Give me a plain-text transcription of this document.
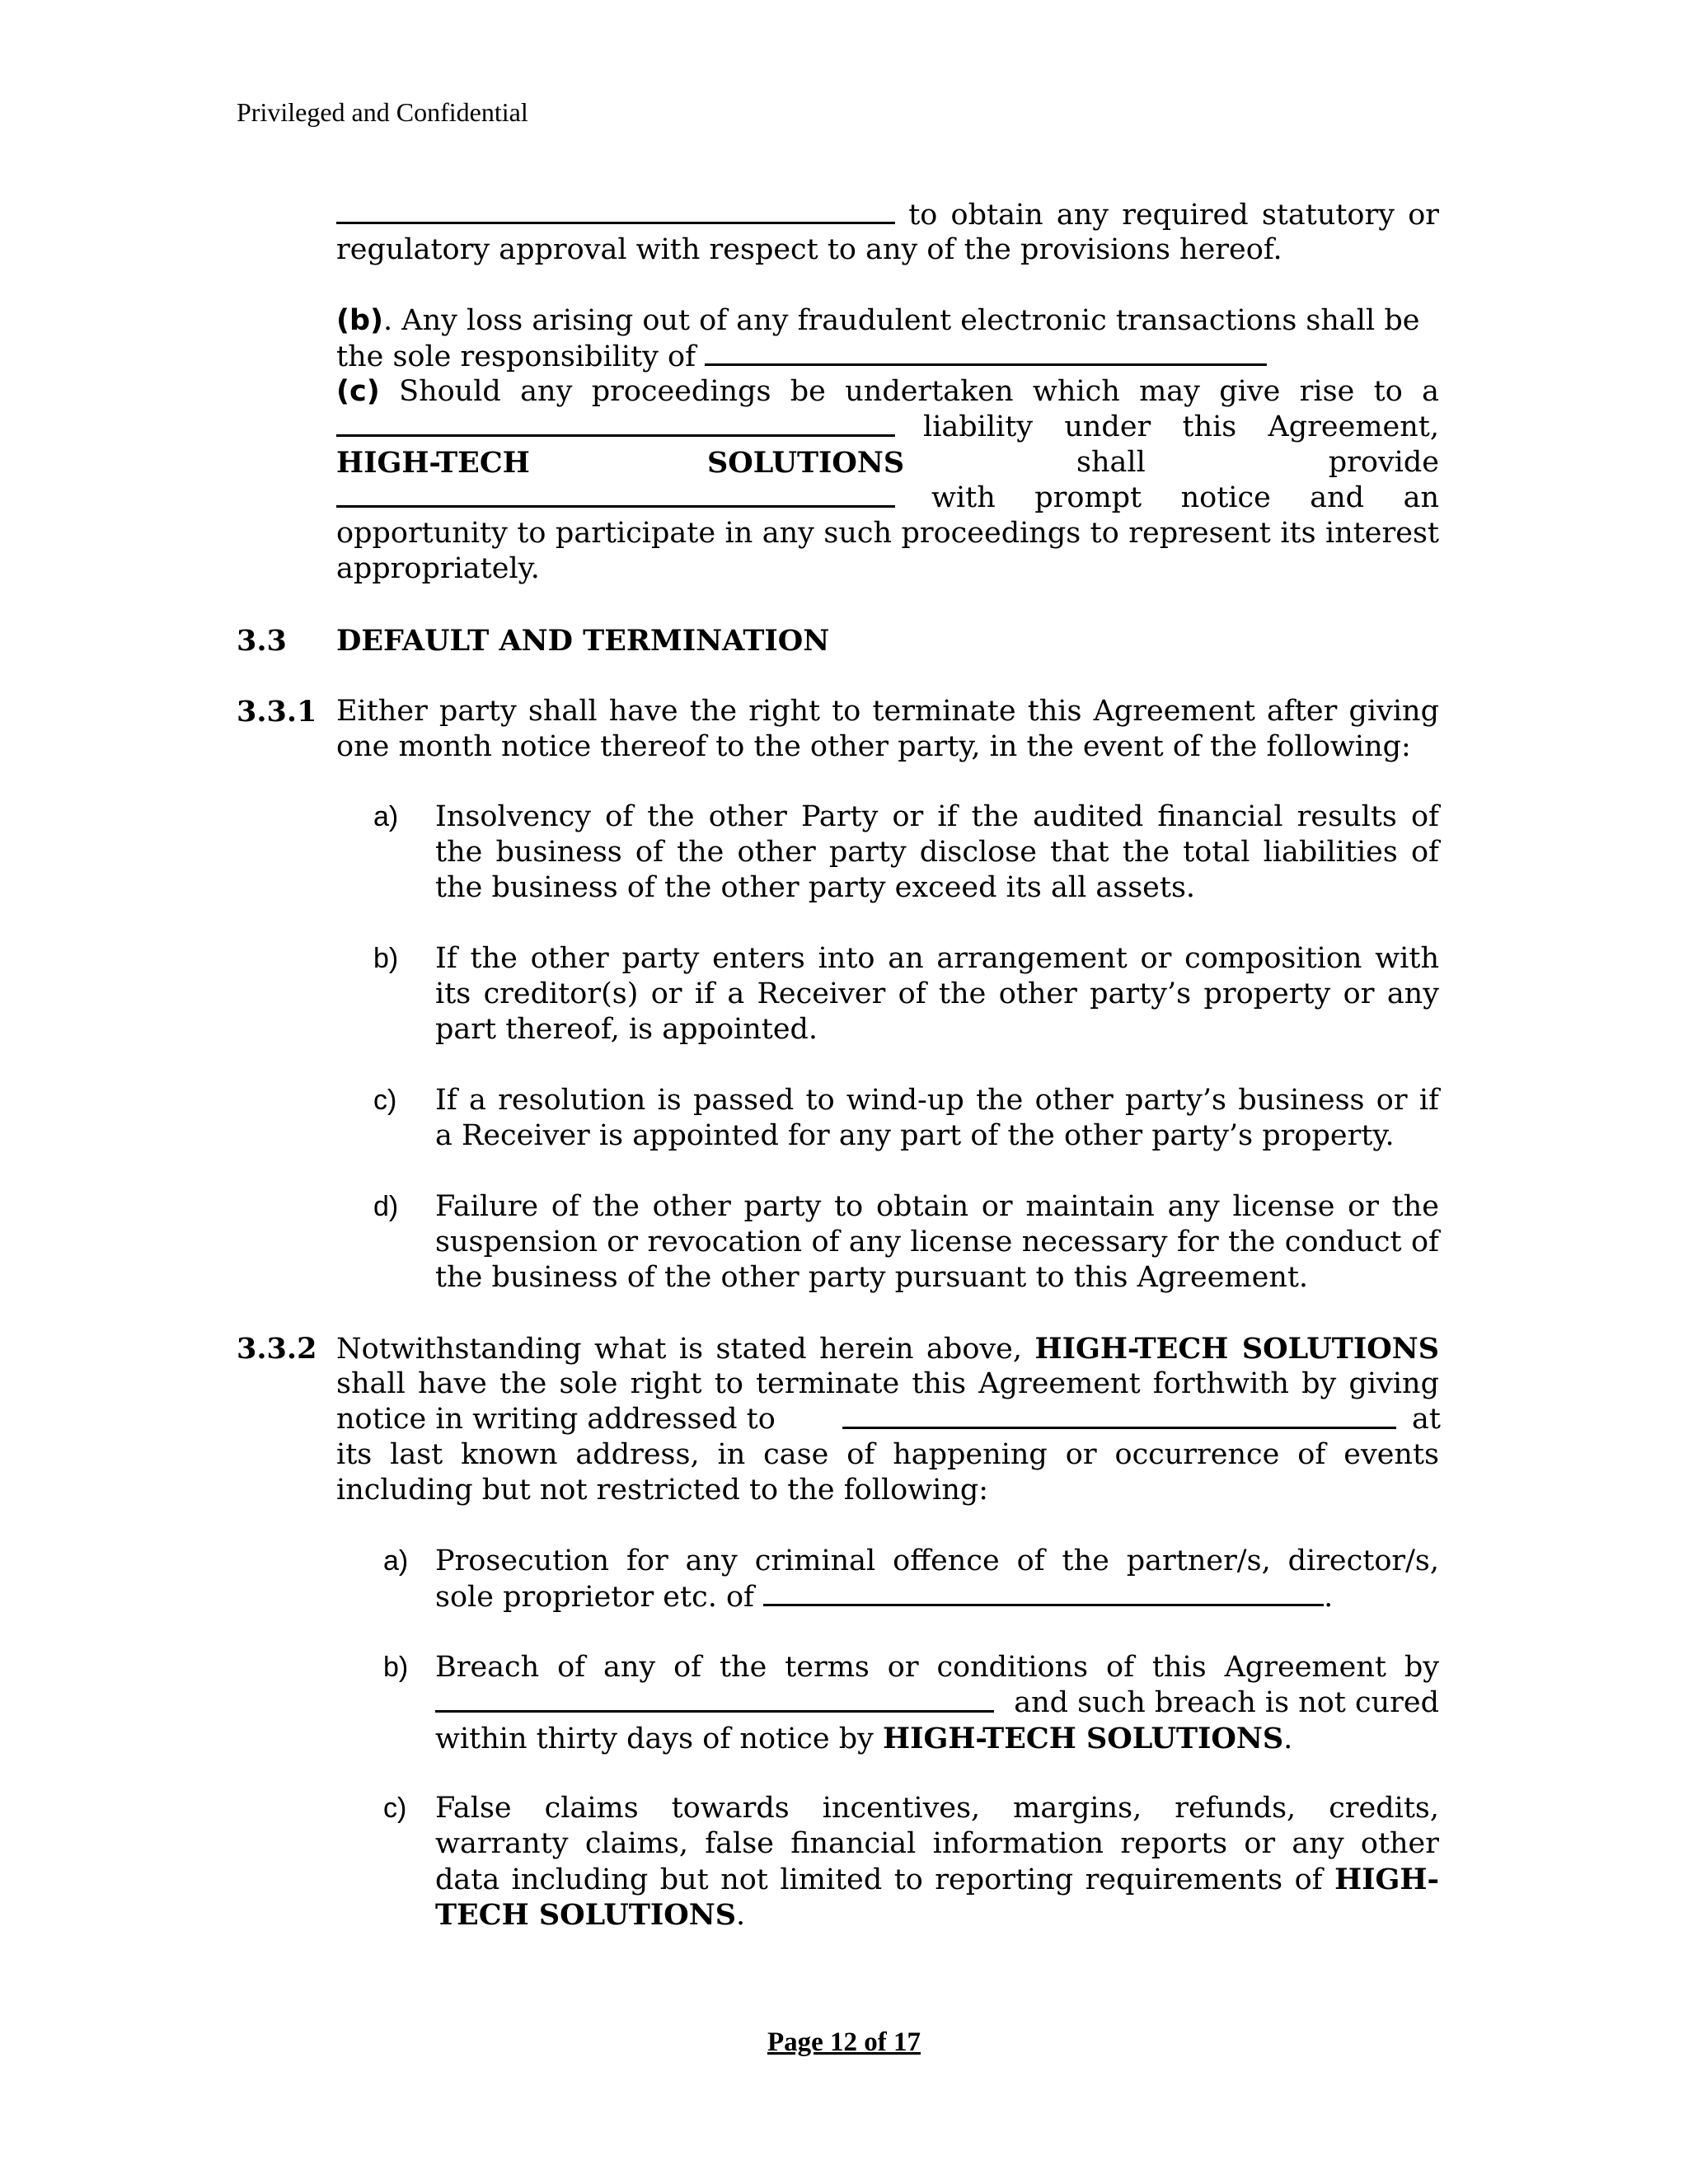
Privileged and Confidential
to obtain any required statutory or
regulatory approval with respect to any of the provisions hereof.
(b). Any loss arising out of any fraudulent electronic transactions shall be
the sole responsibility of
(c) Should any proceedings be undertaken which may give rise to a
liability under this Agreement,
HIGH-TECH	SOLUTIONS	shall provide
with prompt notice and an
opportunity to participate in any such proceedings to represent its interest
appropriately.
3.3 DEFAULT AND TERMINATION
3.3.1 Either party shall have the right to terminate this Agreement after giving
one month notice thereof to the other party, in the event of the following:
a) Insolvency of the other Party or if the audited financial results of
the business of the other party disclose that the total liabilities of
the business of the other party exceed its all assets.
b) If the other party enters into an arrangement or composition with
its creditor(s) or if a Receiver of the other party’s property or any
part thereof, is appointed.
c) If a resolution is passed to wind-up the other party’s business or if
a Receiver is appointed for any part of the other party’s property.
d) Failure of the other party to obtain or maintain any license or the
suspension or revocation of any license necessary for the conduct of
the business of the other party pursuant to this Agreement.
3.3.2 Notwithstanding what is stated herein above, HIGH-TECH SOLUTIONS
shall have the sole right to terminate this Agreement forthwith by giving
notice in writing addressed to	at
its last known address, in case of happening or occurrence of events
including but not restricted to the following:
a) Prosecution for any criminal offence of the partner/s, director/s,
sole proprietor etc. of	.
b) Breach of any of the terms or conditions of this Agreement by
and such breach is not cured
within thirty days of notice by HIGH-TECH SOLUTIONS.
c) False claims towards incentives, margins, refunds, credits,
warranty claims, false financial information reports or any other
data including but not limited to reporting requirements of HIGH-
TECH SOLUTIONS.
Page 12 of 17
